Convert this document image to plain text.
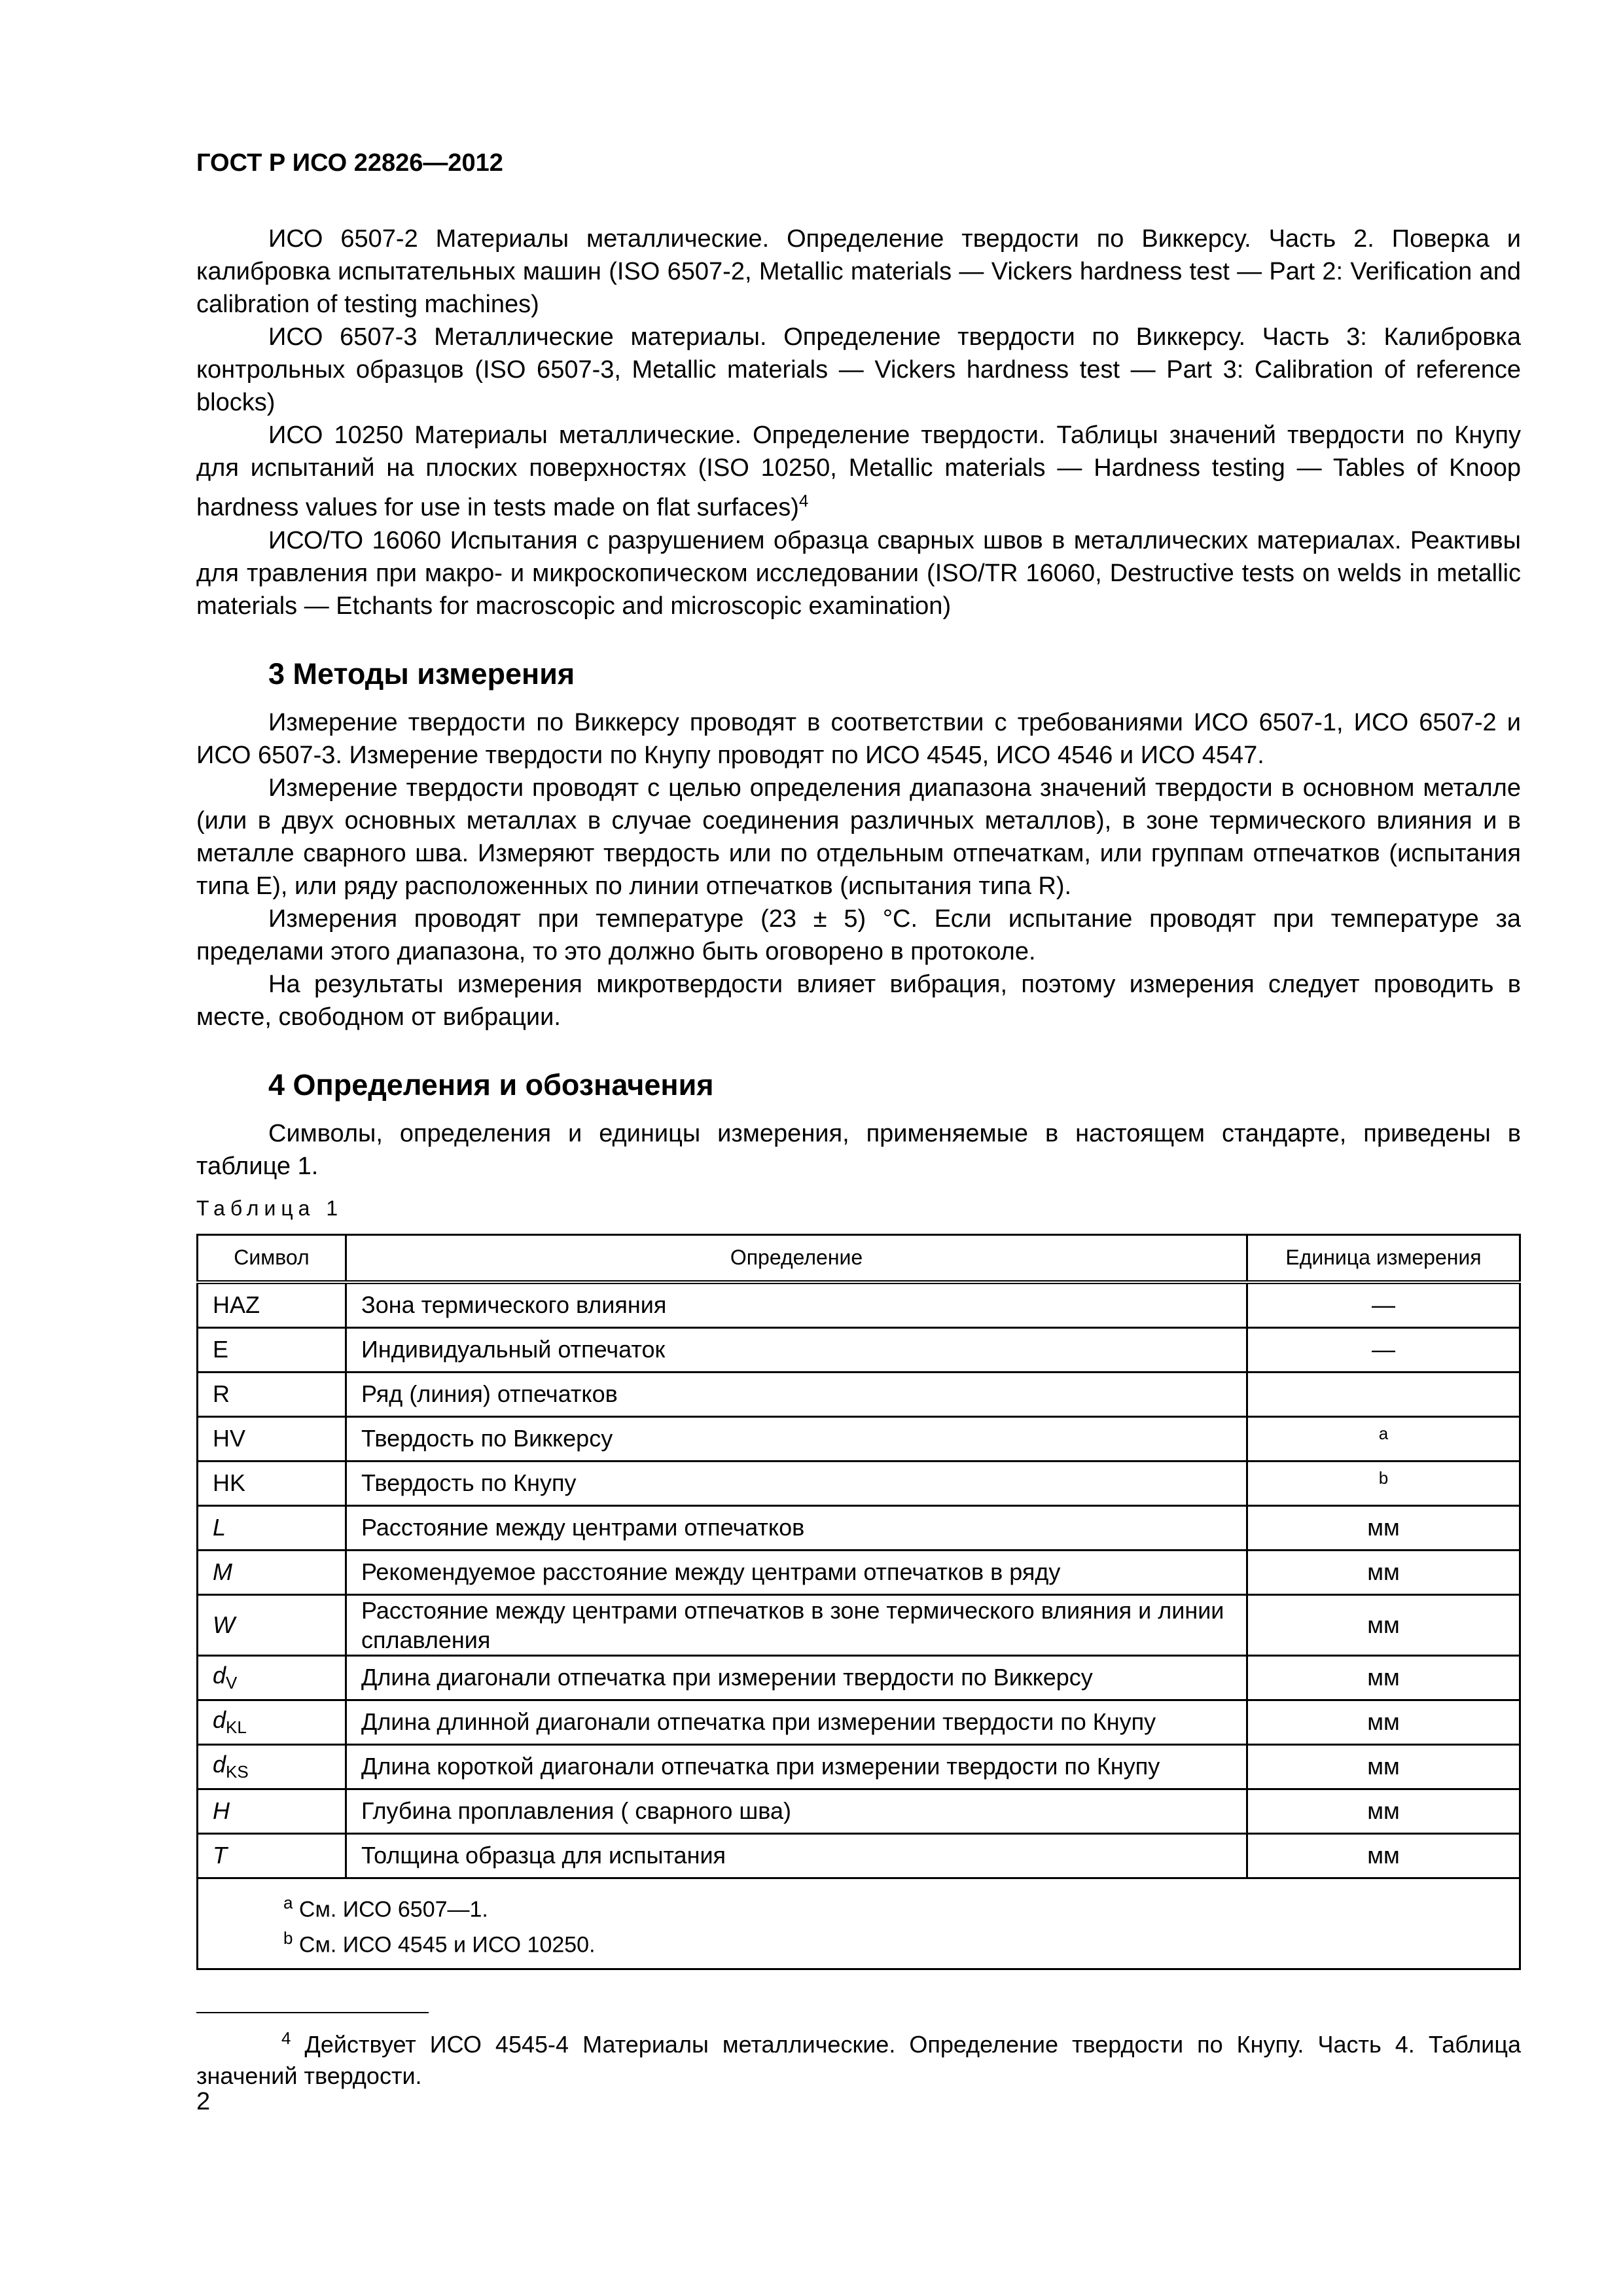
ГОСТ Р ИСО 22826—2012

ИСО 6507-2 Материалы металлические. Определение твердости по Виккерсу. Часть 2. Поверка и калибровка испытательных машин (ISO 6507-2, Metallic materials — Vickers hardness test — Part 2: Verification and calibration of testing machines)

ИСО 6507-3 Металлические материалы. Определение твердости по Виккерсу. Часть 3: Калибровка контрольных образцов (ISO 6507-3, Metallic materials — Vickers hardness test — Part 3: Calibration of reference blocks)

ИСО 10250 Материалы металлические. Определение твердости. Таблицы значений твердости по Кнупу для испытаний на плоских поверхностях (ISO 10250, Metallic materials — Hardness testing — Tables of Knoop hardness values for use in tests made on flat surfaces)$^4$

ИСО/ТО 16060 Испытания с разрушением образца сварных швов в металлических материалах. Реактивы для травления при макро- и микроскопическом исследовании (ISO/TR 16060, Destructive tests on welds in metallic materials — Etchants for macroscopic and microscopic examination)

3 Методы измерения

Измерение твердости по Виккерсу проводят в соответствии с требованиями ИСО 6507-1, ИСО 6507-2 и ИСО 6507-3. Измерение твердости по Кнупу проводят по ИСО 4545, ИСО 4546 и ИСО 4547.

Измерение твердости проводят с целью определения диапазона значений твердости в основном металле (или в двух основных металлах в случае соединения различных металлов), в зоне термического влияния и в металле сварного шва. Измеряют твердость или по отдельным отпечаткам, или группам отпечатков (испытания типа E), или ряду расположенных по линии отпечатков (испытания типа R).

Измерения проводят при температуре (23 ± 5) °С. Если испытание проводят при температуре за пределами этого диапазона, то это должно быть оговорено в протоколе.

На результаты измерения микротвердости влияет вибрация, поэтому измерения следует проводить в месте, свободном от вибрации.

4 Определения и обозначения

Символы, определения и единицы измерения, применяемые в настоящем стандарте, приведены в таблице 1.

Таблица 1
Символ	Определение	Единица измерения
HAZ	Зона термического влияния	—
E	Индивидуальный отпечаток	—
R	Ряд (линия) отпечатков	
HV	Твердость по Виккерсу	$^a$
HK	Твердость по Кнупу	$^b$
L	Расстояние между центрами отпечатков	мм
M	Рекомендуемое расстояние между центрами отпечатков в ряду	мм
W	Расстояние между центрами отпечатков в зоне термического влияния и линии сплавления	мм
$d_V$	Длина диагонали отпечатка при измерении твердости по Виккерсу	мм
$d_{KL}$	Длина длинной диагонали отпечатка при измерении твердости по Кнупу	мм
$d_{KS}$	Длина короткой диагонали отпечатка при измерении твердости по Кнупу	мм
H	Глубина проплавления ( сварного шва)	мм
T	Толщина образца для испытания	мм

$^a$ См. ИСО 6507—1.
$^b$ См. ИСО 4545 и ИСО 10250.		
$^4$ Действует ИСО 4545-4 Материалы металлические. Определение твердости по Кнупу. Часть 4. Таблица значений твердости.
2
